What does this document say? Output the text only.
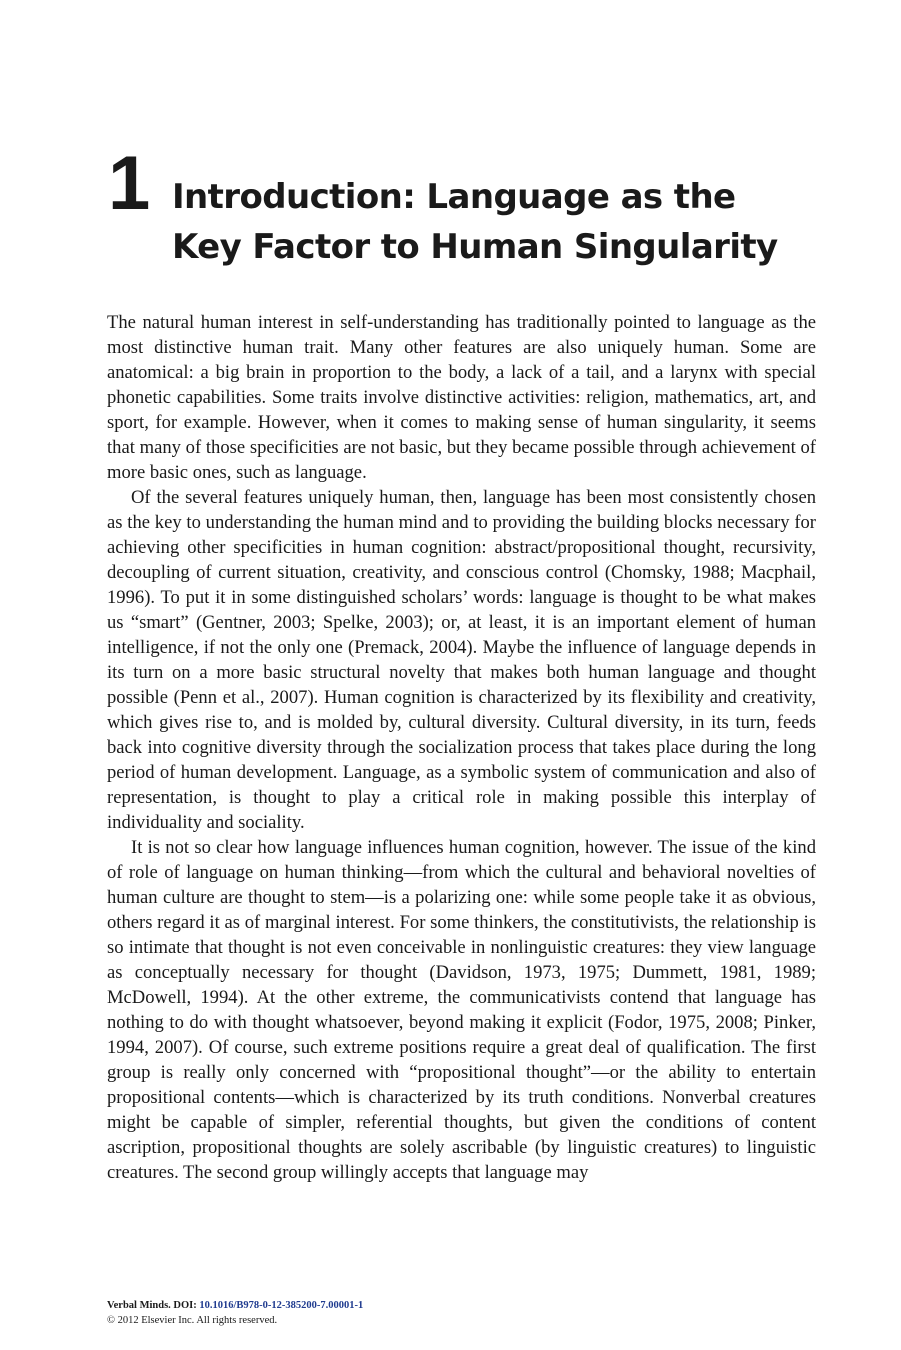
1 Introduction: Language as the
Key Factor to Human Singularity

The natural human interest in self-understanding has traditionally pointed to language as the most distinctive human trait. Many other features are also uniquely human. Some are anatomical: a big brain in proportion to the body, a lack of a tail, and a larynx with special phonetic capabilities. Some traits involve distinctive activities: religion, mathematics, art, and sport, for example. However, when it comes to making sense of human singularity, it seems that many of those specificities are not basic, but they became possible through achievement of more basic ones, such as language.

Of the several features uniquely human, then, language has been most consistently chosen as the key to understanding the human mind and to providing the building blocks necessary for achieving other specificities in human cognition: abstract/propositional thought, recursivity, decoupling of current situation, creativity, and conscious control (Chomsky, 1988; Macphail, 1996). To put it in some distinguished scholars’ words: language is thought to be what makes us “smart” (Gentner, 2003; Spelke, 2003); or, at least, it is an important element of human intelligence, if not the only one (Premack, 2004). Maybe the influence of language depends in its turn on a more basic structural novelty that makes both human language and thought possible (Penn et al., 2007). Human cognition is characterized by its flexibility and creativity, which gives rise to, and is molded by, cultural diversity. Cultural diversity, in its turn, feeds back into cognitive diversity through the socialization process that takes place during the long period of human development. Language, as a symbolic system of communication and also of representation, is thought to play a critical role in making possible this interplay of individuality and sociality.

It is not so clear how language influences human cognition, however. The issue of the kind of role of language on human thinking—from which the cultural and behavioral novelties of human culture are thought to stem—is a polarizing one: while some people take it as obvious, others regard it as of marginal interest. For some thinkers, the constitutivists, the relationship is so intimate that thought is not even conceivable in nonlinguistic creatures: they view language as conceptually necessary for thought (Davidson, 1973, 1975; Dummett, 1981, 1989; McDowell, 1994). At the other extreme, the communicativists contend that language has nothing to do with thought whatsoever, beyond making it explicit (Fodor, 1975, 2008; Pinker, 1994, 2007). Of course, such extreme positions require a great deal of qualification. The first group is really only concerned with “propositional thought”—or the ability to entertain propositional contents—which is characterized by its truth conditions. Nonverbal creatures might be capable of simpler, referential thoughts, but given the conditions of content ascription, propositional thoughts are solely ascribable (by linguistic creatures) to linguistic creatures. The second group willingly accepts that language may

Verbal Minds. DOI: 10.1016/B978-0-12-385200-7.00001-1
© 2012 Elsevier Inc. All rights reserved.
